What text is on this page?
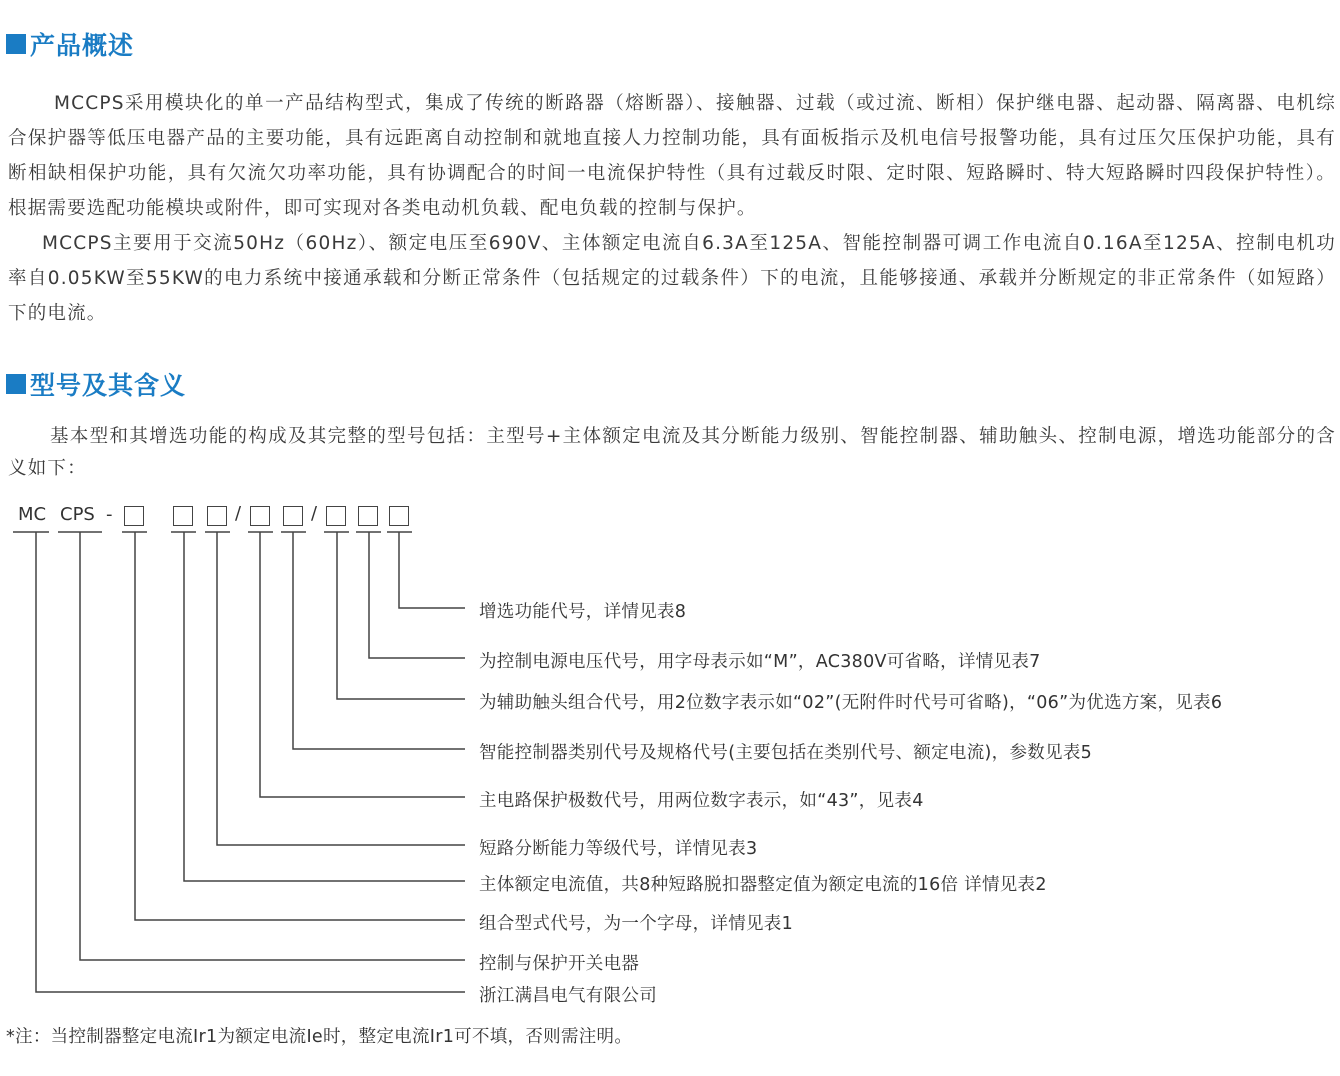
产品概述

MCCPS采用模块化的单一产品结构型式，集成了传统的断路器（熔断器）、接触器、过载（或过流、断相）保护继电器、起动器、隔离器、电机综合保护器等低压电器产品的主要功能，具有远距离自动控制和就地直接人力控制功能，具有面板指示及机电信号报警功能，具有过压欠压保护功能，具有断相缺相保护功能，具有欠流欠功率功能，具有协调配合的时间一电流保护特性（具有过载反时限、定时限、短路瞬时、特大短路瞬时四段保护特性）。根据需要选配功能模块或附件，即可实现对各类电动机负载、配电负载的控制与保护。

MCCPS主要用于交流50Hz（60Hz）、额定电压至690V、主体额定电流自6.3A至125A、智能控制器可调工作电流自0.16A至125A、控制电机功率自0.05KW至55KW的电力系统中接通承载和分断正常条件（包括规定的过载条件）下的电流，且能够接通、承载并分断规定的非正常条件（如短路）下的电流。

型号及其含义

基本型和其增选功能的构成及其完整的型号包括：主型号+主体额定电流及其分断能力级别、智能控制器、辅助触头、控制电源，增选功能部分的含义如下：

MC CPS -	/	/

增选功能代号，详情见表8

为控制电源电压代号，用字母表示如“M”，AC380V可省略，详情见表7

为辅助触头组合代号，用2位数字表示如“02”(无附件时代号可省略)，“06”为优选方案，见表6

智能控制器类别代号及规格代号(主要包括在类别代号、额定电流)，参数见表5

主电路保护极数代号，用两位数字表示，如“43”，见表4

短路分断能力等级代号，详情见表3

主体额定电流值，共8种短路脱扣器整定值为额定电流的16倍 详情见表2

组合型式代号，为一个字母，详情见表1

控制与保护开关电器

浙江满昌电气有限公司

*注：当控制器整定电流Ir1为额定电流Ie时，整定电流Ir1可不填，否则需注明。
